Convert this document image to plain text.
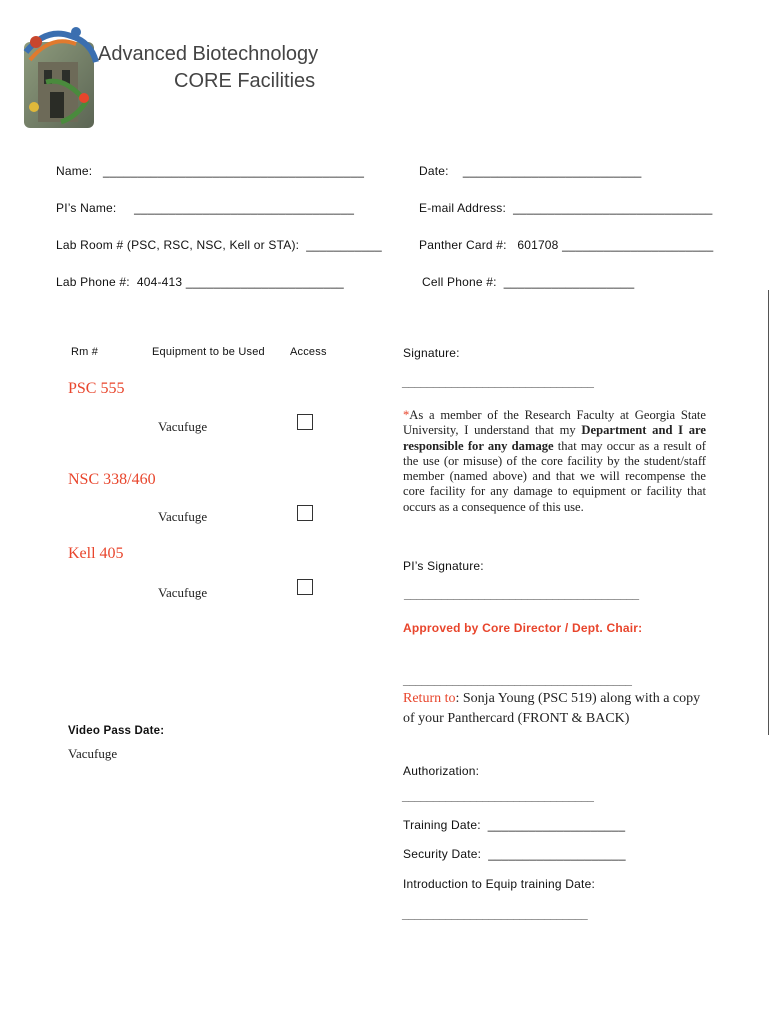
Advanced Biotechnology
CORE Facilities
Name:   ______________________________________	Date:    __________________________
PI’s Name:     ________________________________	E-mail Address:  _____________________________
Lab Room # (PSC, RSC, NSC, Kell or STA):  ___________	Panther Card #:   601708 ______________________
Lab Phone #:  404-413 _______________________	Cell Phone #:  ___________________
Rm #	Equipment to be Used Access
PSC 555
Vacufuge
NSC 338/460
Vacufuge
Kell 405
Vacufuge
Video Pass Date:
Vacufuge
Signature:
_______________________________
*As a member of the Research Faculty at Georgia State University, I understand that my Department and I are responsible for any damage that may occur as a result of the use (or misuse) of the core facility by the student/staff member (named above) and that we will recompense the core facility for any damage to equipment or facility that occurs as a consequence of this use.
PI’s Signature:
______________________________________
Approved by Core Director / Dept. Chair:
_____________________________________
Return to: Sonja Young (PSC 519) along with a copy of your Panthercard (FRONT & BACK)
Authorization:
_______________________________
Training Date:  ____________________
Security Date:  ____________________
Introduction to Equip training Date:
______________________________
